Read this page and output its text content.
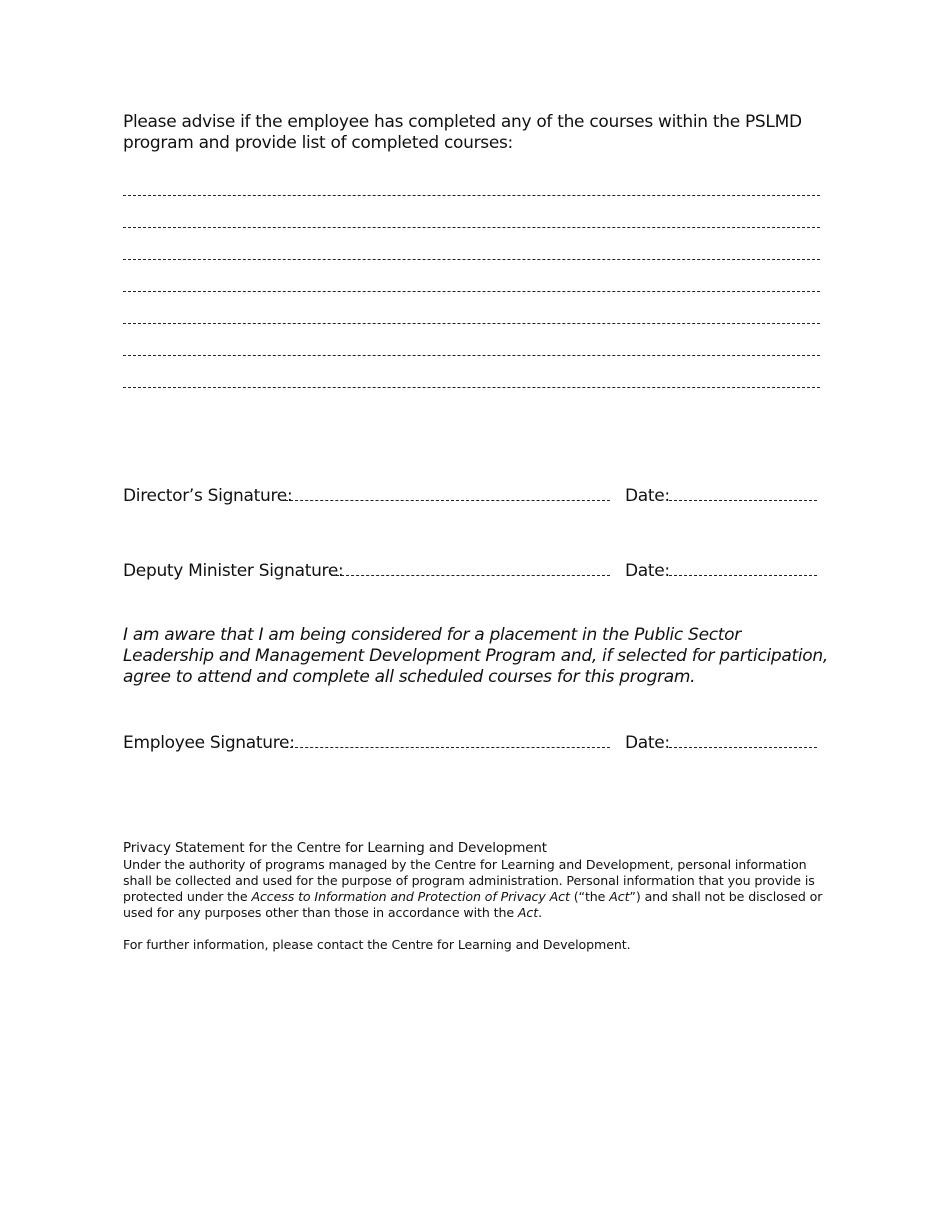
Please advise if the employee has completed any of the courses within the PSLMD program and provide list of completed courses:
Director’s Signature:	Date:
Deputy Minister Signature:	Date:
I am aware that I am being considered for a placement in the Public Sector Leadership and Management Development Program and, if selected for participation, agree to attend and complete all scheduled courses for this program.
Employee Signature:	Date:

Privacy Statement for the Centre for Learning and Development

Under the authority of programs managed by the Centre for Learning and Development, personal information shall be collected and used for the purpose of program administration. Personal information that you provide is protected under the Access to Information and Protection of Privacy Act (“the Act”) and shall not be disclosed or used for any purposes other than those in accordance with the Act.

For further information, please contact the Centre for Learning and Development.
